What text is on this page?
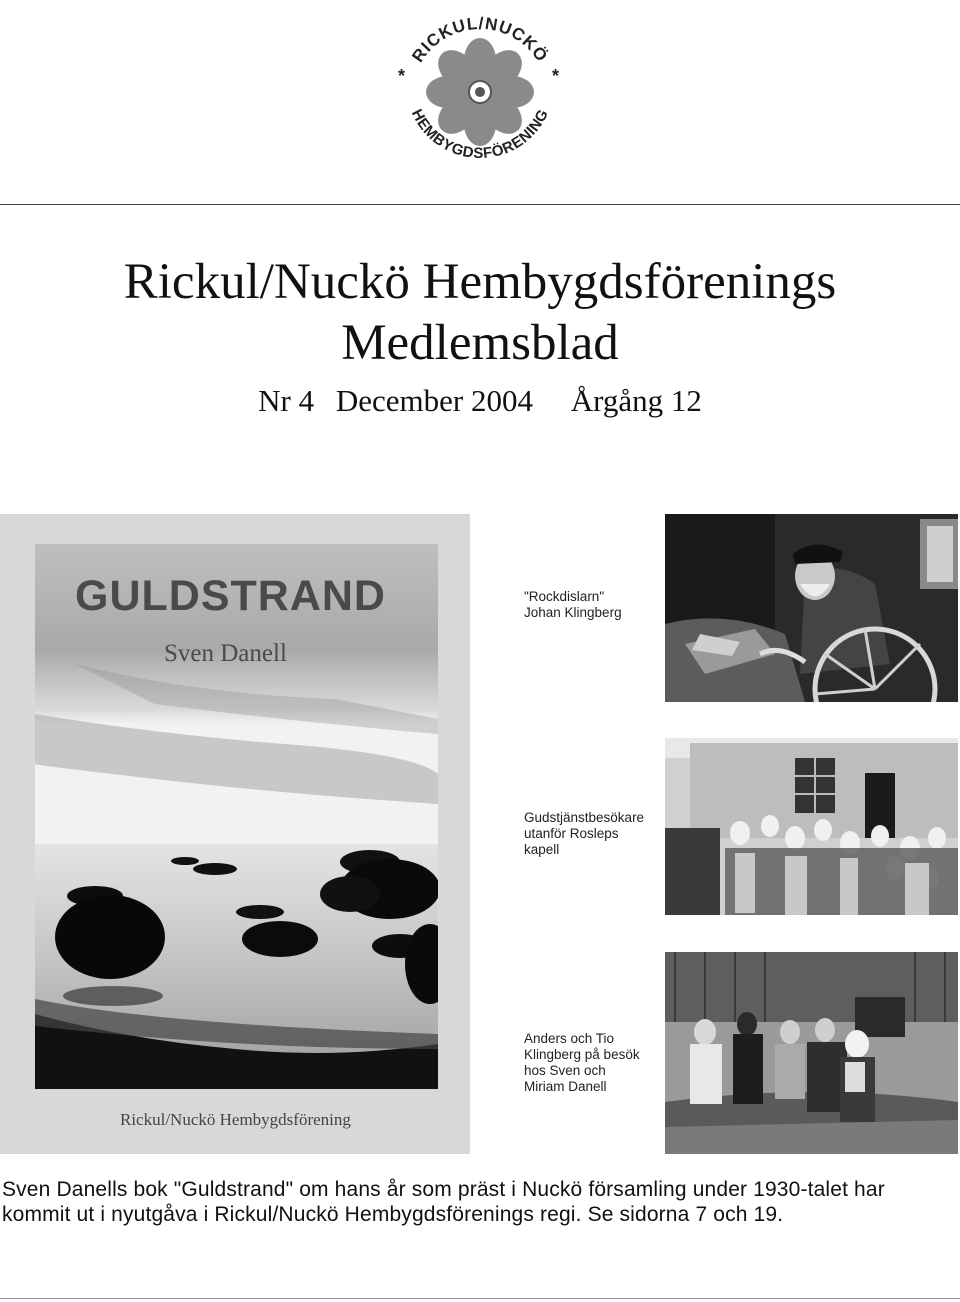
RICKUL/NUCKÖ
HEMBYGDSFÖRENING
*	*
Rickul/Nuckö Hembygdsförenings
Medlemsblad
Nr 4 December 2004 Årgång 12
GULDSTRAND
Sven Danell
Rickul/Nuckö Hembygdsförening
"Rockdislarn"
Johan Klingberg
Gudstjänstbesökare
utanför Rosleps
kapell
Anders och Tio
Klingberg på besök
hos Sven och
Miriam Danell
Sven Danells bok "Guldstrand" om hans år som präst i Nuckö församling under 1930-talet har
kommit ut i nyutgåva i Rickul/Nuckö Hembygdsförenings regi. Se sidorna 7 och 19.
